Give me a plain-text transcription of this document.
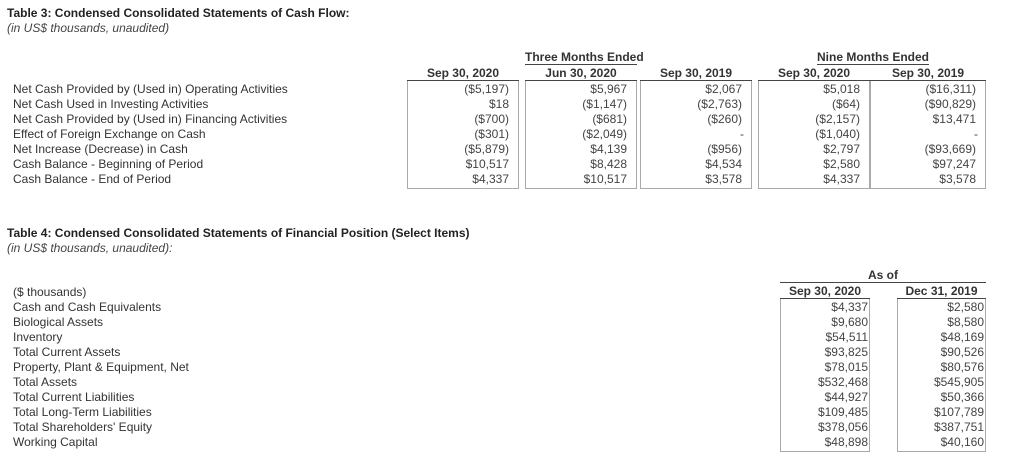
Table 3: Condensed Consolidated Statements of Cash Flow:
(in US$ thousands, unaudited)
Three Months Ended	Nine Months Ended
Table 4: Condensed Consolidated Statements of Financial Position (Select Items)
(in US$ thousands, unaudited):
As of
Sep 30, 2020	Jun 30, 2020	Sep 30, 2019	Sep 30, 2020	Sep 30, 2019
Net Cash Provided by (Used in) Operating Activities	($5,197)	$5,967	$2,067	$5,018	($16,311)
Net Cash Used in Investing Activities	$18	($1,147)	($2,763)	($64)	($90,829)
Net Cash Provided by (Used in) Financing Activities	($700)	($681)	($260)	($2,157)	$13,471
Effect of Foreign Exchange on Cash	($301)	($2,049)	-	($1,040)	-
Net Increase (Decrease) in Cash	($5,879)	$4,139	($956)	$2,797	($93,669)
Cash Balance - Beginning of Period	$10,517	$8,428	$4,534	$2,580	$97,247
Cash Balance - End of Period	$4,337	$10,517	$3,578	$4,337	$3,578
Sep 30, 2020	Dec 31, 2019
($ thousands)
Cash and Cash Equivalents	$4,337	$2,580
Biological Assets	$9,680	$8,580
Inventory	$54,511	$48,169
Total Current Assets	$93,825	$90,526
Property, Plant & Equipment, Net	$78,015	$80,576
Total Assets	$532,468	$545,905
Total Current Liabilities	$44,927	$50,366
Total Long-Term Liabilities	$109,485	$107,789
Total Shareholders' Equity	$378,056	$387,751
Working Capital	$48,898	$40,160
